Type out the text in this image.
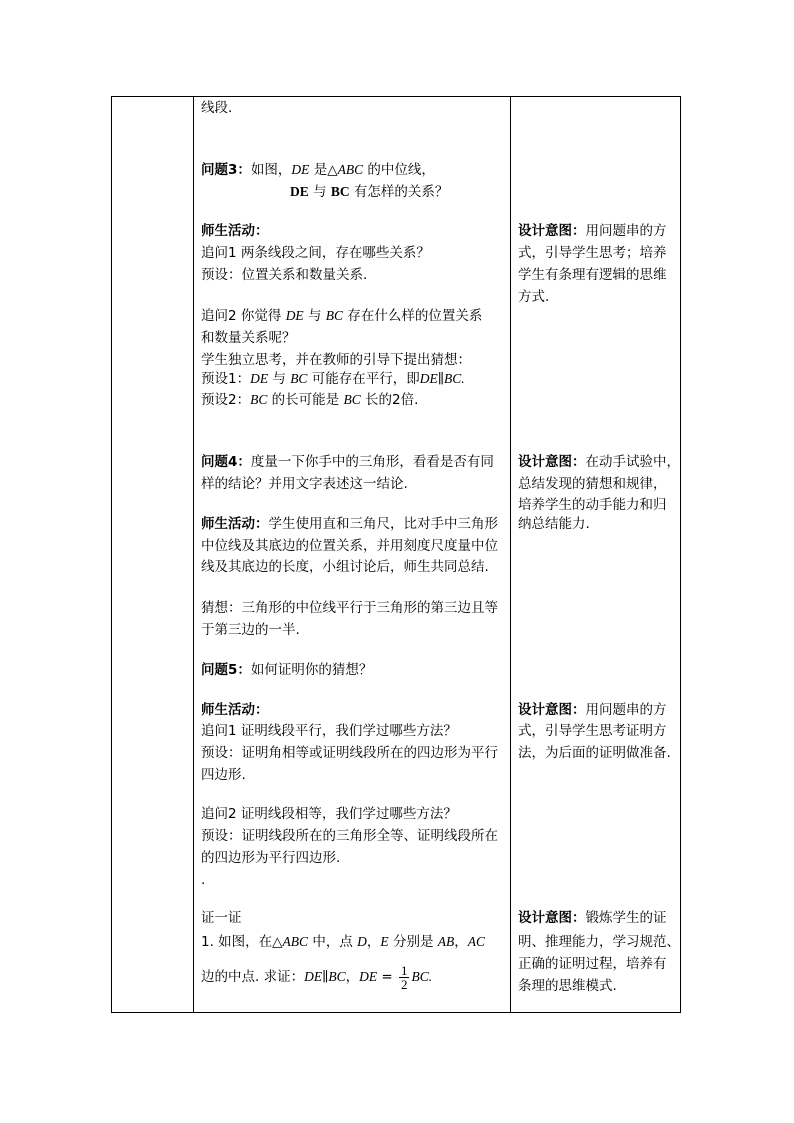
线段.
问题3：如图，DE 是△ABC 的中位线，
DE 与 BC 有怎样的关系？
师生活动：
追问1 两条线段之间，存在哪些关系？
预设：位置关系和数量关系.
追问2 你觉得 DE 与 BC 存在什么样的位置关系
和数量关系呢？
学生独立思考，并在教师的引导下提出猜想：
预设1：DE 与 BC 可能存在平行，即DE∥BC.
预设2：BC 的长可能是 BC 长的2倍.
问题4：度量一下你手中的三角形，看看是否有同
样的结论？并用文字表述这一结论.
师生活动：学生使用直和三角尺，比对手中三角形
中位线及其底边的位置关系，并用刻度尺度量中位
线及其底边的长度，小组讨论后，师生共同总结.
猜想：三角形的中位线平行于三角形的第三边且等
于第三边的一半.
问题5：如何证明你的猜想？
师生活动：
追问1 证明线段平行，我们学过哪些方法？
预设：证明角相等或证明线段所在的四边形为平行
四边形.
追问2 证明线段相等，我们学过哪些方法？
预设：证明线段所在的三角形全等、证明线段所在
的四边形为平行四边形.
.
证一证
1. 如图，在△ABC 中，点 D，E 分别是 AB，AC
边的中点. 求证：DE∥BC，DE = $\frac{1}{2}$ BC.
设计意图：用问题串的方
式，引导学生思考；培养
学生有条理有逻辑的思维
方式.
设计意图：在动手试验中，
总结发现的猜想和规律，
培养学生的动手能力和归
纳总结能力.
设计意图：用问题串的方
式，引导学生思考证明方
法，为后面的证明做准备.
设计意图：锻炼学生的证
明、推理能力，学习规范、
正确的证明过程，培养有
条理的思维模式.
